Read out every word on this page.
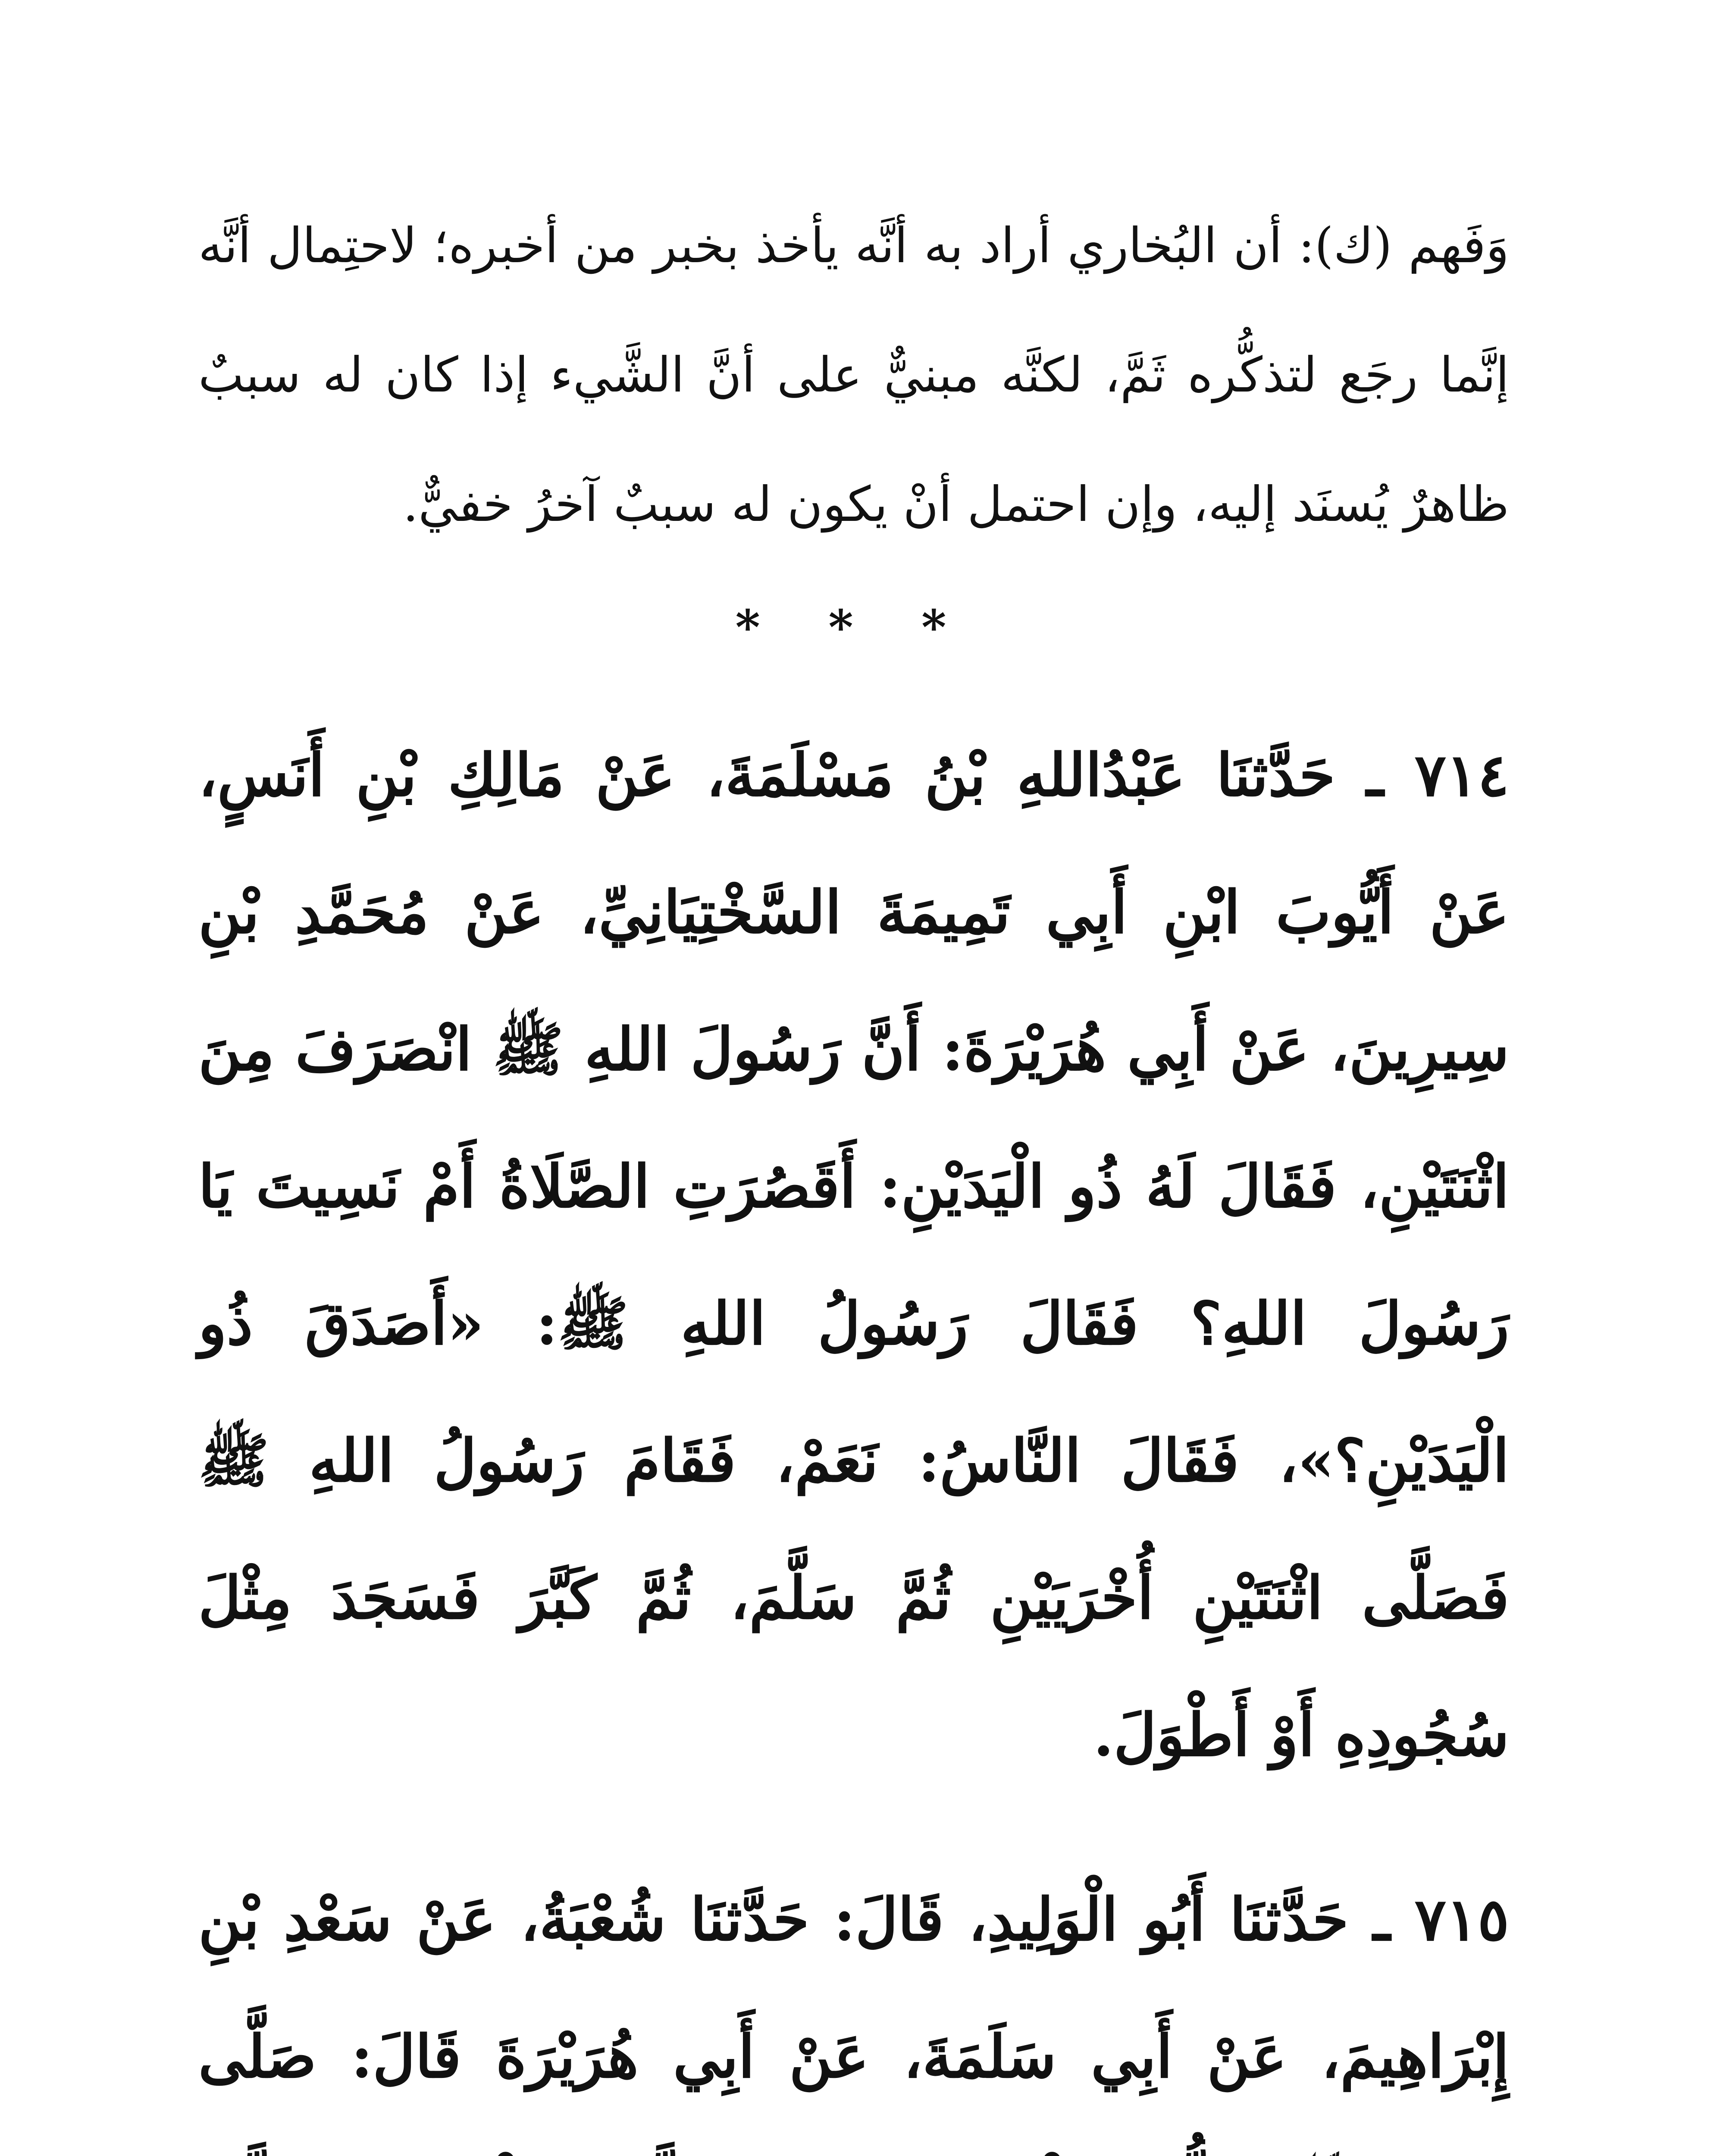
وَفَهم (ك): أن البُخاري أراد به أنَّه يأخذ بخبر من أخبره؛ لاحتِمال أنَّه إنَّما رجَع لتذكُّره ثَمَّ، لكنَّه مبنيٌّ على أنَّ الشَّيء إذا كان له سببٌ ظاهرٌ يُسنَد إليه، وإن احتمل أنْ يكون له سببٌ آخرُ خفيٌّ.

* * *

٧١٤ ـ حَدَّثنَا عَبْدُاللهِ بْنُ مَسْلَمَةَ، عَنْ مَالِكِ بْنِ أَنَسٍ، عَنْ أَيُّوبَ ابْنِ أَبِي تَمِيمَةَ السَّخْتِيَانِيِّ، عَنْ مُحَمَّدِ بْنِ سِيرِينَ، عَنْ أَبِي هُرَيْرَةَ: أَنَّ رَسُولَ اللهِ ﷺ انْصَرَفَ مِنَ اثْنَتَيْنِ، فَقَالَ لَهُ ذُو الْيَدَيْنِ: أَقَصُرَتِ الصَّلَاةُ أَمْ نَسِيتَ يَا رَسُولَ اللهِ؟ فَقَالَ رَسُولُ اللهِ ﷺ: «أَصَدَقَ ذُو الْيَدَيْنِ؟»، فَقَالَ النَّاسُ: نَعَمْ، فَقَامَ رَسُولُ اللهِ ﷺ فَصَلَّى اثْنَتَيْنِ أُخْرَيَيْنِ ثُمَّ سَلَّمَ، ثُمَّ كَبَّرَ فَسَجَدَ مِثْلَ سُجُودِهِ أَوْ أَطْوَلَ.

٧١٥ ـ حَدَّثنَا أَبُو الْوَلِيدِ، قَالَ: حَدَّثنَا شُعْبَةُ، عَنْ سَعْدِ بْنِ إِبْرَاهِيمَ، عَنْ أَبِي سَلَمَةَ، عَنْ أَبِي هُرَيْرَةَ قَالَ: صَلَّى
